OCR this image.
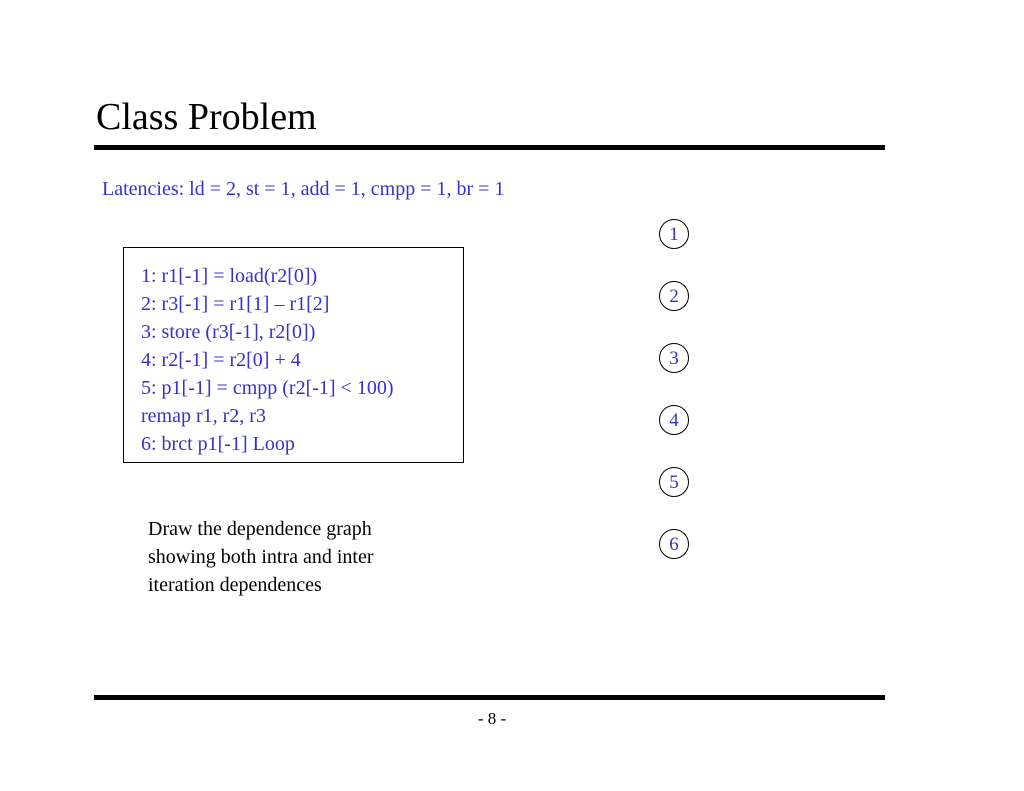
Class Problem
Latencies: ld = 2, st = 1, add = 1, cmpp = 1, br = 1
1: r1[-1] = load(r2[0])
2: r3[-1] = r1[1] – r1[2]
3: store (r3[-1], r2[0])
4: r2[-1] = r2[0] + 4
5: p1[-1] = cmpp (r2[-1] < 100)
remap r1, r2, r3
6: brct p1[-1] Loop
Draw the dependence graph
showing both intra and inter
iteration dependences
1
2
3
4
5
6
- 8 -
